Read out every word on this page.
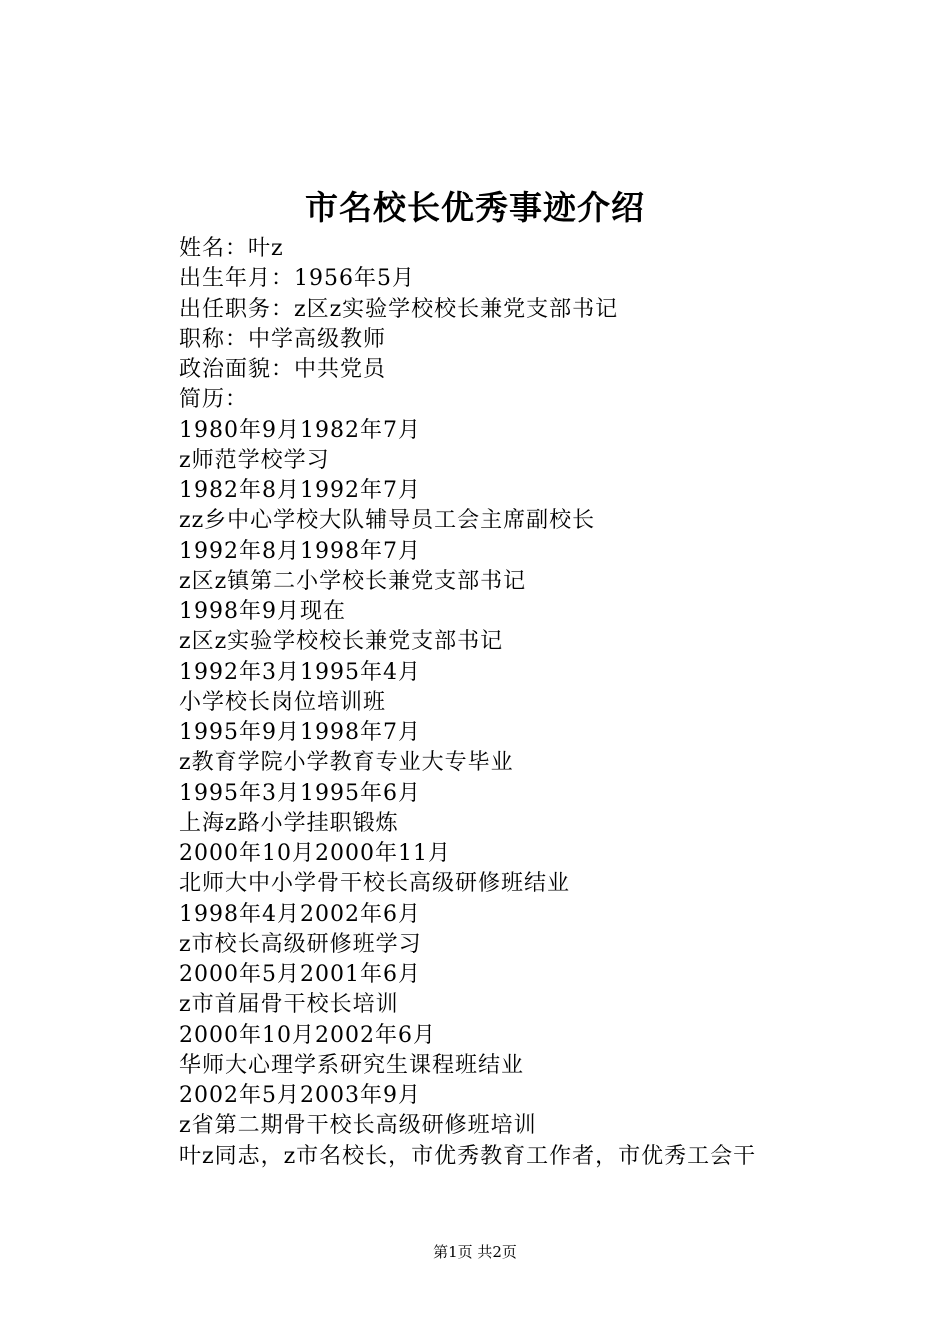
市名校长优秀事迹介绍
姓名：叶z
出生年月：1956年5月
出任职务：z区z实验学校校长兼党支部书记
职称：中学高级教师
政治面貌：中共党员
简历：
1980年9月1982年7月
z师范学校学习
1982年8月1992年7月
zz乡中心学校大队辅导员工会主席副校长
1992年8月1998年7月
z区z镇第二小学校长兼党支部书记
1998年9月现在
z区z实验学校校长兼党支部书记
1992年3月1995年4月
小学校长岗位培训班
1995年9月1998年7月
z教育学院小学教育专业大专毕业
1995年3月1995年6月
上海z路小学挂职锻炼
2000年10月2000年11月
北师大中小学骨干校长高级研修班结业
1998年4月2002年6月
z市校长高级研修班学习
2000年5月2001年6月
z市首届骨干校长培训
2000年10月2002年6月
华师大心理学系研究生课程班结业
2002年5月2003年9月
z省第二期骨干校长高级研修班培训
叶z同志，z市名校长，市优秀教育工作者，市优秀工会干
第1页 共2页
